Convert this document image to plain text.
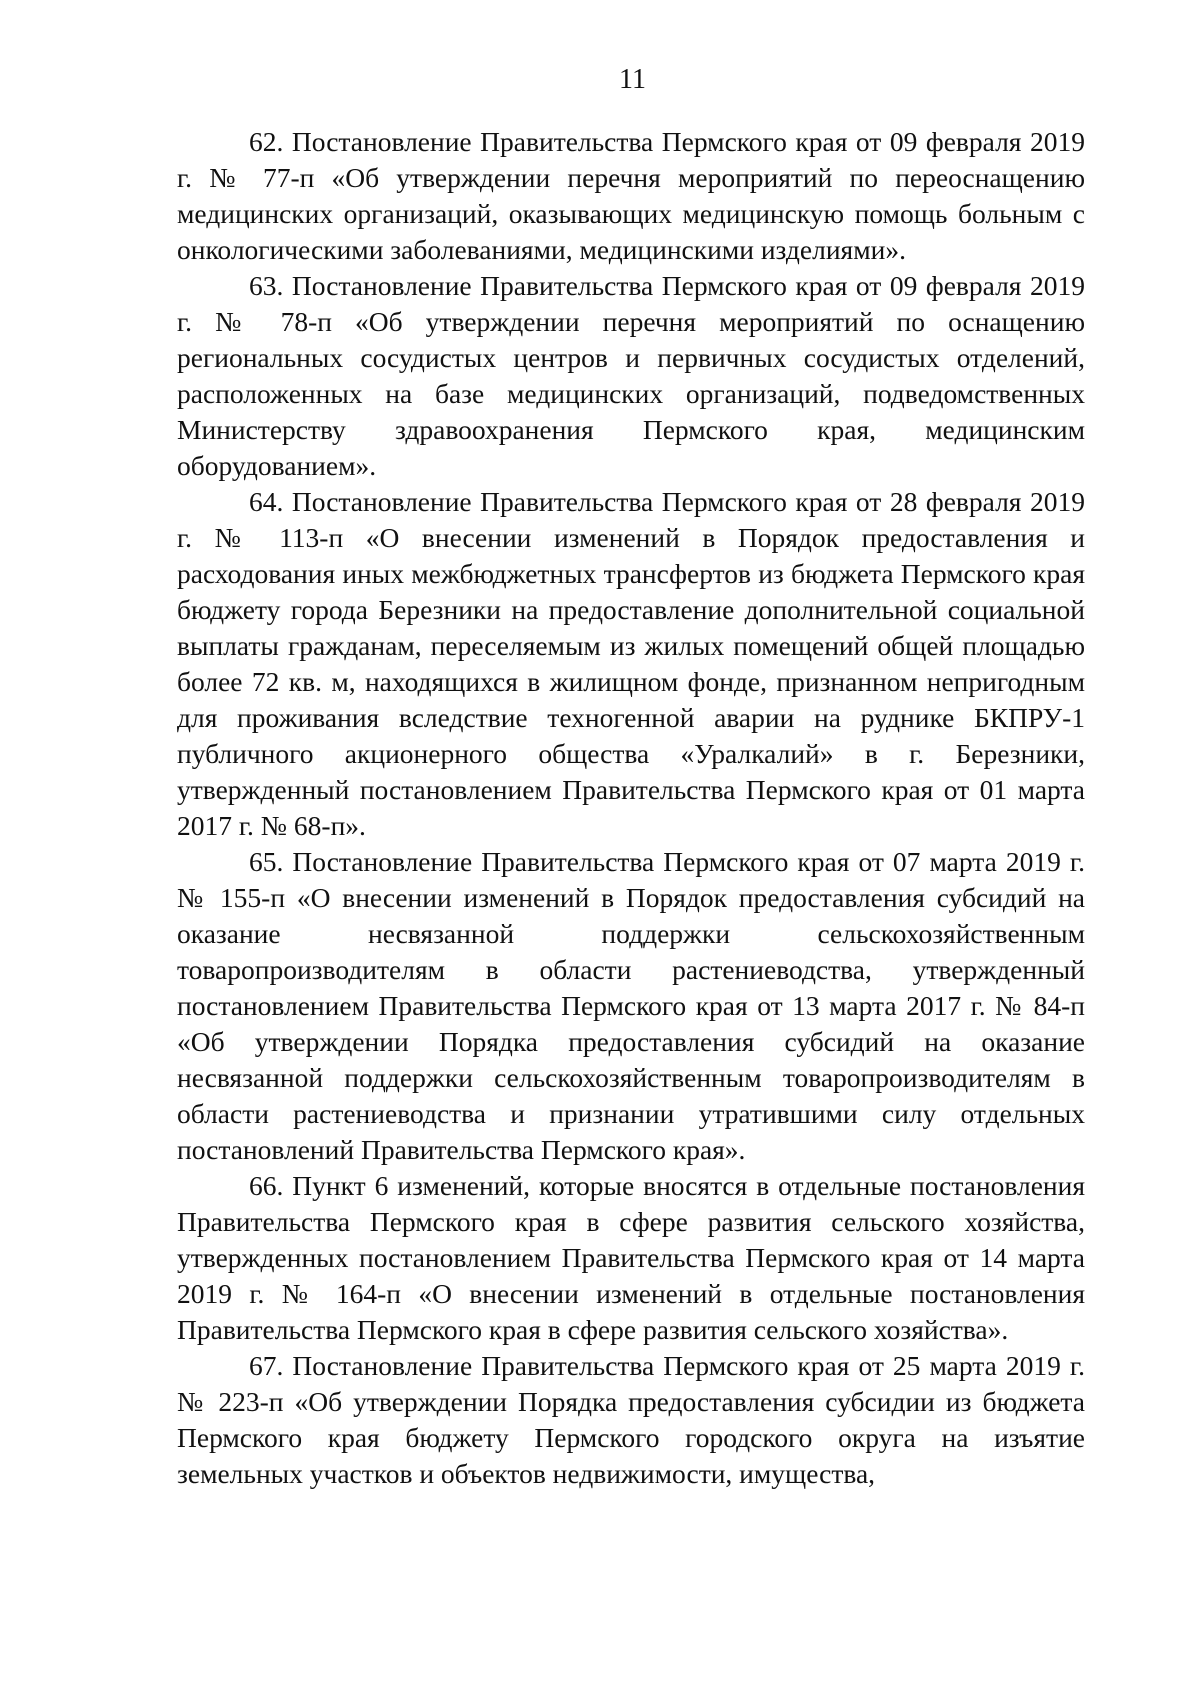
11

62. Постановление Правительства Пермского края от 09 февраля 2019 г. № 77-п «Об утверждении перечня мероприятий по переоснащению медицинских организаций, оказывающих медицинскую помощь больным с онкологическими заболеваниями, медицинскими изделиями».

63. Постановление Правительства Пермского края от 09 февраля 2019 г. № 78-п «Об утверждении перечня мероприятий по оснащению региональных сосудистых центров и первичных сосудистых отделений, расположенных на базе медицинских организаций, подведомственных Министерству здравоохранения Пермского края, медицинским оборудованием».

64. Постановление Правительства Пермского края от 28 февраля 2019 г. № 113-п «О внесении изменений в Порядок предоставления и расходования иных межбюджетных трансфертов из бюджета Пермского края бюджету города Березники на предоставление дополнительной социальной выплаты гражданам, переселяемым из жилых помещений общей площадью более 72 кв. м, находящихся в жилищном фонде, признанном непригодным для проживания вследствие техногенной аварии на руднике БКПРУ-1 публичного акционерного общества «Уралкалий» в г. Березники, утвержденный постановлением Правительства Пермского края от 01 марта 2017 г. № 68-п».

65. Постановление Правительства Пермского края от 07 марта 2019 г. № 155-п «О внесении изменений в Порядок предоставления субсидий на оказание несвязанной поддержки сельскохозяйственным товаропроизводителям в области растениеводства, утвержденный постановлением Правительства Пермского края от 13 марта 2017 г. № 84-п «Об утверждении Порядка предоставления субсидий на оказание несвязанной поддержки сельскохозяйственным товаропроизводителям в области растениеводства и признании утратившими силу отдельных постановлений Правительства Пермского края».

66. Пункт 6 изменений, которые вносятся в отдельные постановления Правительства Пермского края в сфере развития сельского хозяйства, утвержденных постановлением Правительства Пермского края от 14 марта 2019 г. № 164-п «О внесении изменений в отдельные постановления Правительства Пермского края в сфере развития сельского хозяйства».

67. Постановление Правительства Пермского края от 25 марта 2019 г. № 223-п «Об утверждении Порядка предоставления субсидии из бюджета Пермского края бюджету Пермского городского округа на изъятие земельных участков и объектов недвижимости, имущества,
